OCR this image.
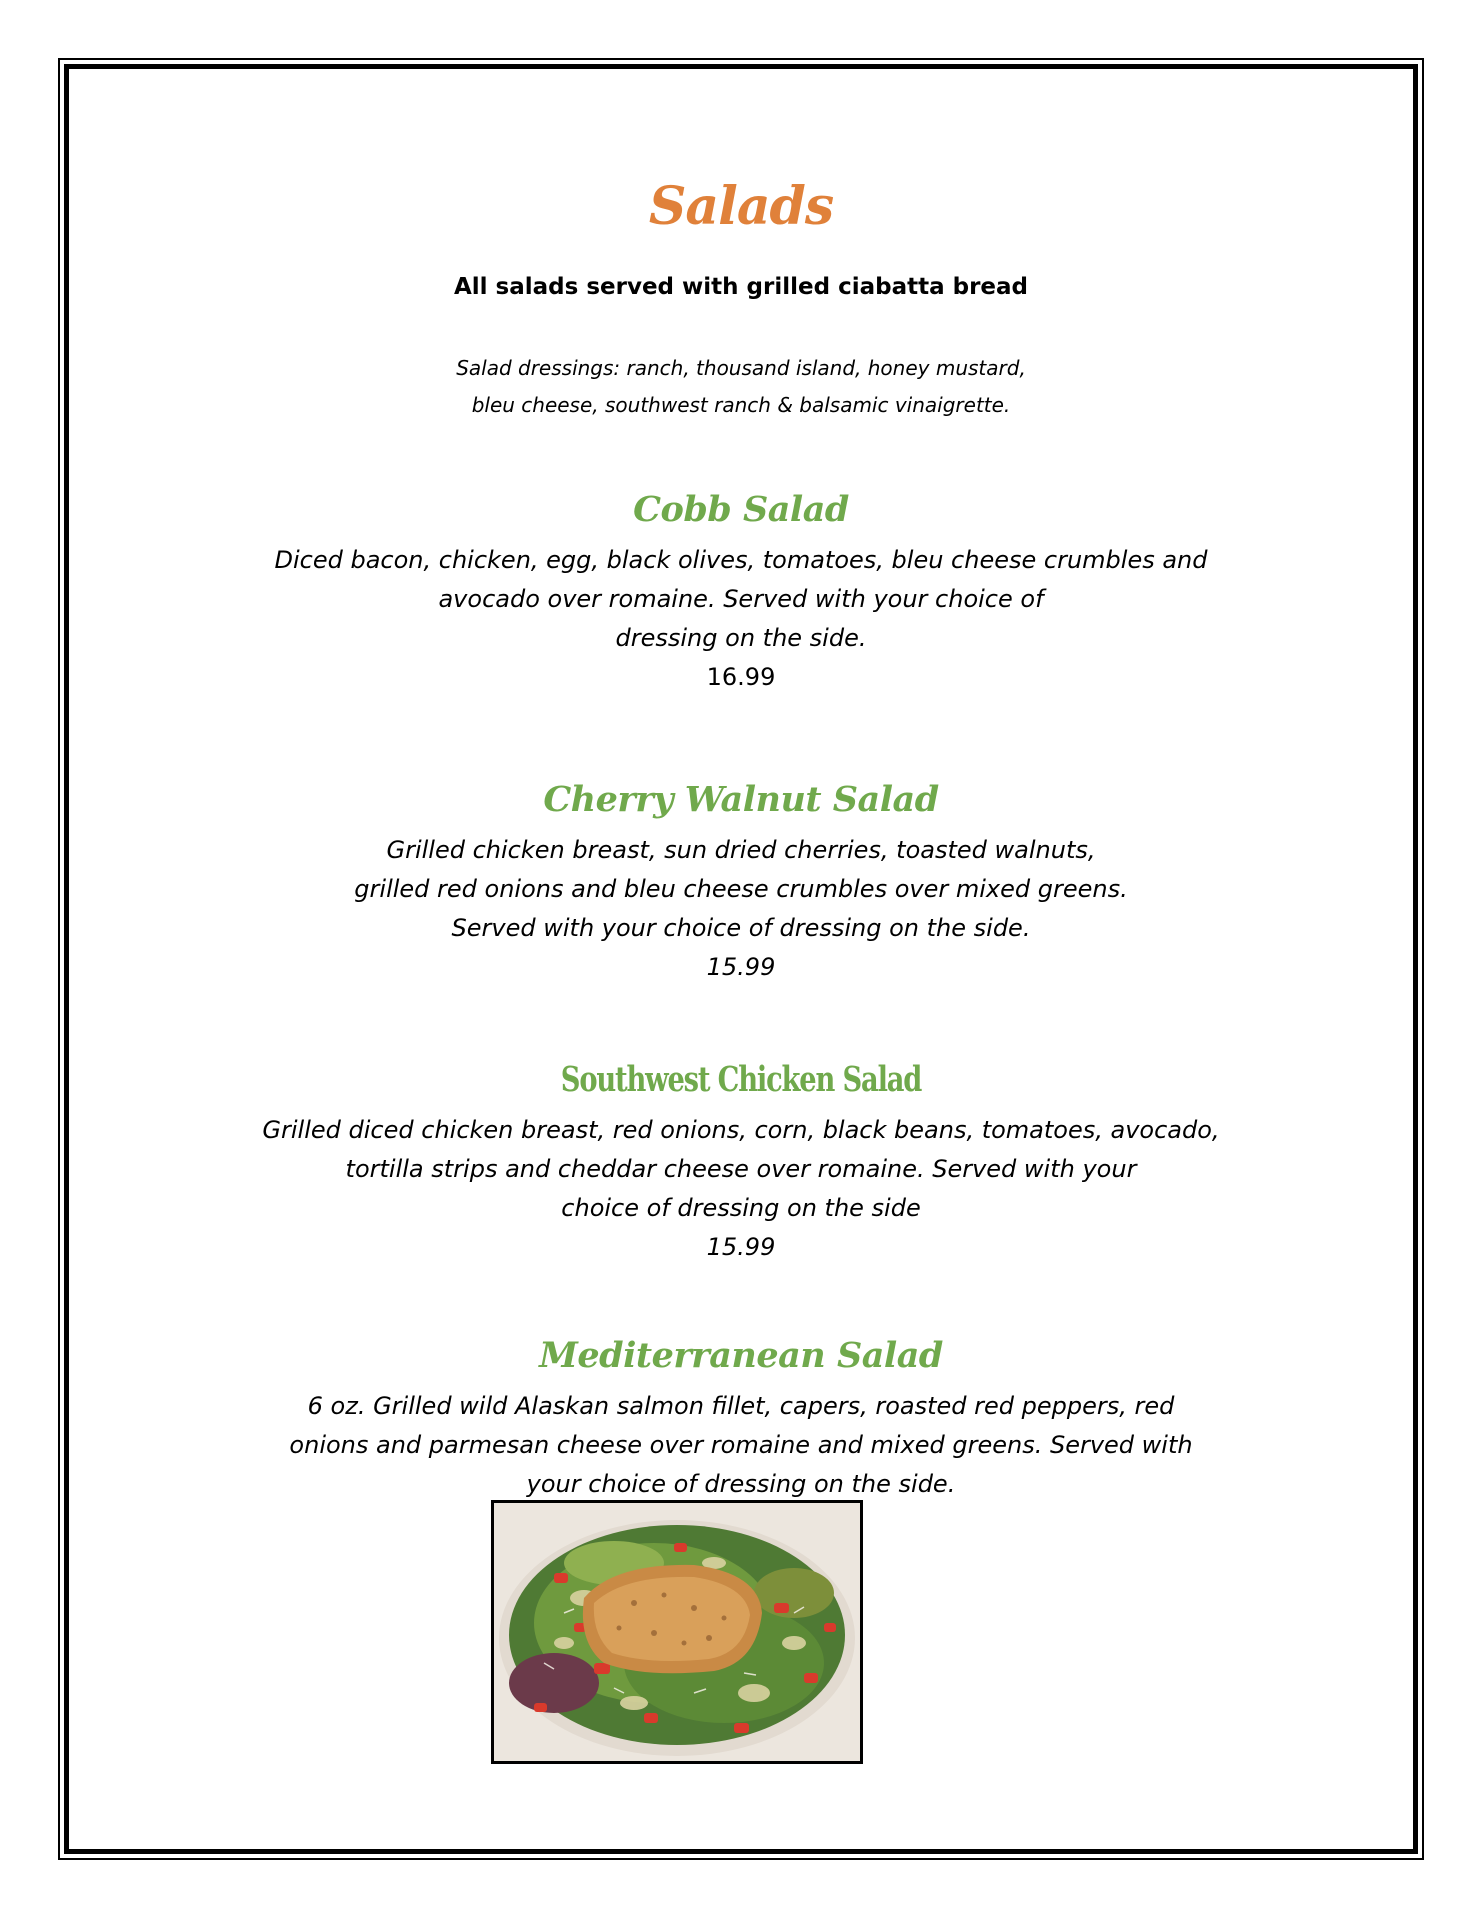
Salads

All salads served with grilled ciabatta bread

Salad dressings: ranch, thousand island, honey mustard,
bleu cheese, southwest ranch & balsamic vinaigrette.
Cobb Salad

Diced bacon, chicken, egg, black olives, tomatoes, bleu cheese crumbles and

avocado over romaine. Served with your choice of

dressing on the side.

16.99

Cherry Walnut Salad

Grilled chicken breast, sun dried cherries, toasted walnuts,

grilled red onions and bleu cheese crumbles over mixed greens.

Served with your choice of dressing on the side.

15.99

Southwest Chicken Salad

Grilled diced chicken breast, red onions, corn, black beans, tomatoes, avocado,

tortilla strips and cheddar cheese over romaine. Served with your

choice of dressing on the side

15.99

Mediterranean Salad

6 oz. Grilled wild Alaskan salmon fillet, capers, roasted red peppers, red

onions and parmesan cheese over romaine and mixed greens. Served with

your choice of dressing on the side.
